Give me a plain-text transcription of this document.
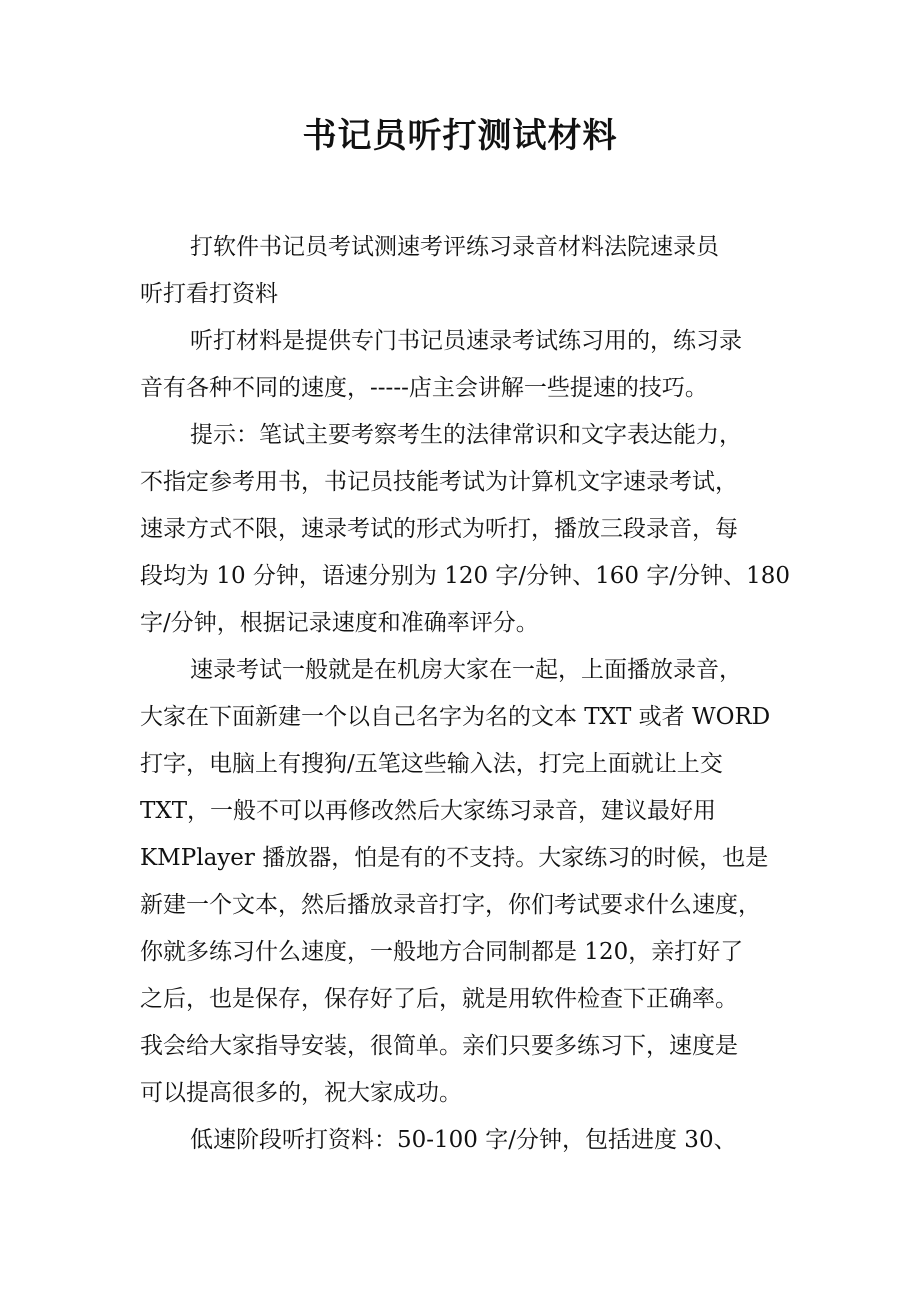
书记员听打测试材料
打软件书记员考试测速考评练习录音材料法院速录员
听打看打资料
听打材料是提供专门书记员速录考试练习用的，练习录
音有各种不同的速度，-----店主会讲解一些提速的技巧。
提示：笔试主要考察考生的法律常识和文字表达能力，
不指定参考用书，书记员技能考试为计算机文字速录考试，
速录方式不限，速录考试的形式为听打，播放三段录音，每
段均为 10 分钟，语速分别为 120 字/分钟、160 字/分钟、180
字/分钟，根据记录速度和准确率评分。
速录考试一般就是在机房大家在一起，上面播放录音，
大家在下面新建一个以自己名字为名的文本 TXT 或者 WORD
打字，电脑上有搜狗/五笔这些输入法，打完上面就让上交
TXT，一般不可以再修改然后大家练习录音，建议最好用
KMPlayer 播放器，怕是有的不支持。大家练习的时候，也是
新建一个文本，然后播放录音打字，你们考试要求什么速度，
你就多练习什么速度，一般地方合同制都是 120，亲打好了
之后，也是保存，保存好了后，就是用软件检查下正确率。
我会给大家指导安装，很简单。亲们只要多练习下，速度是
可以提高很多的，祝大家成功。
低速阶段听打资料：50-100 字/分钟，包括进度 30、
